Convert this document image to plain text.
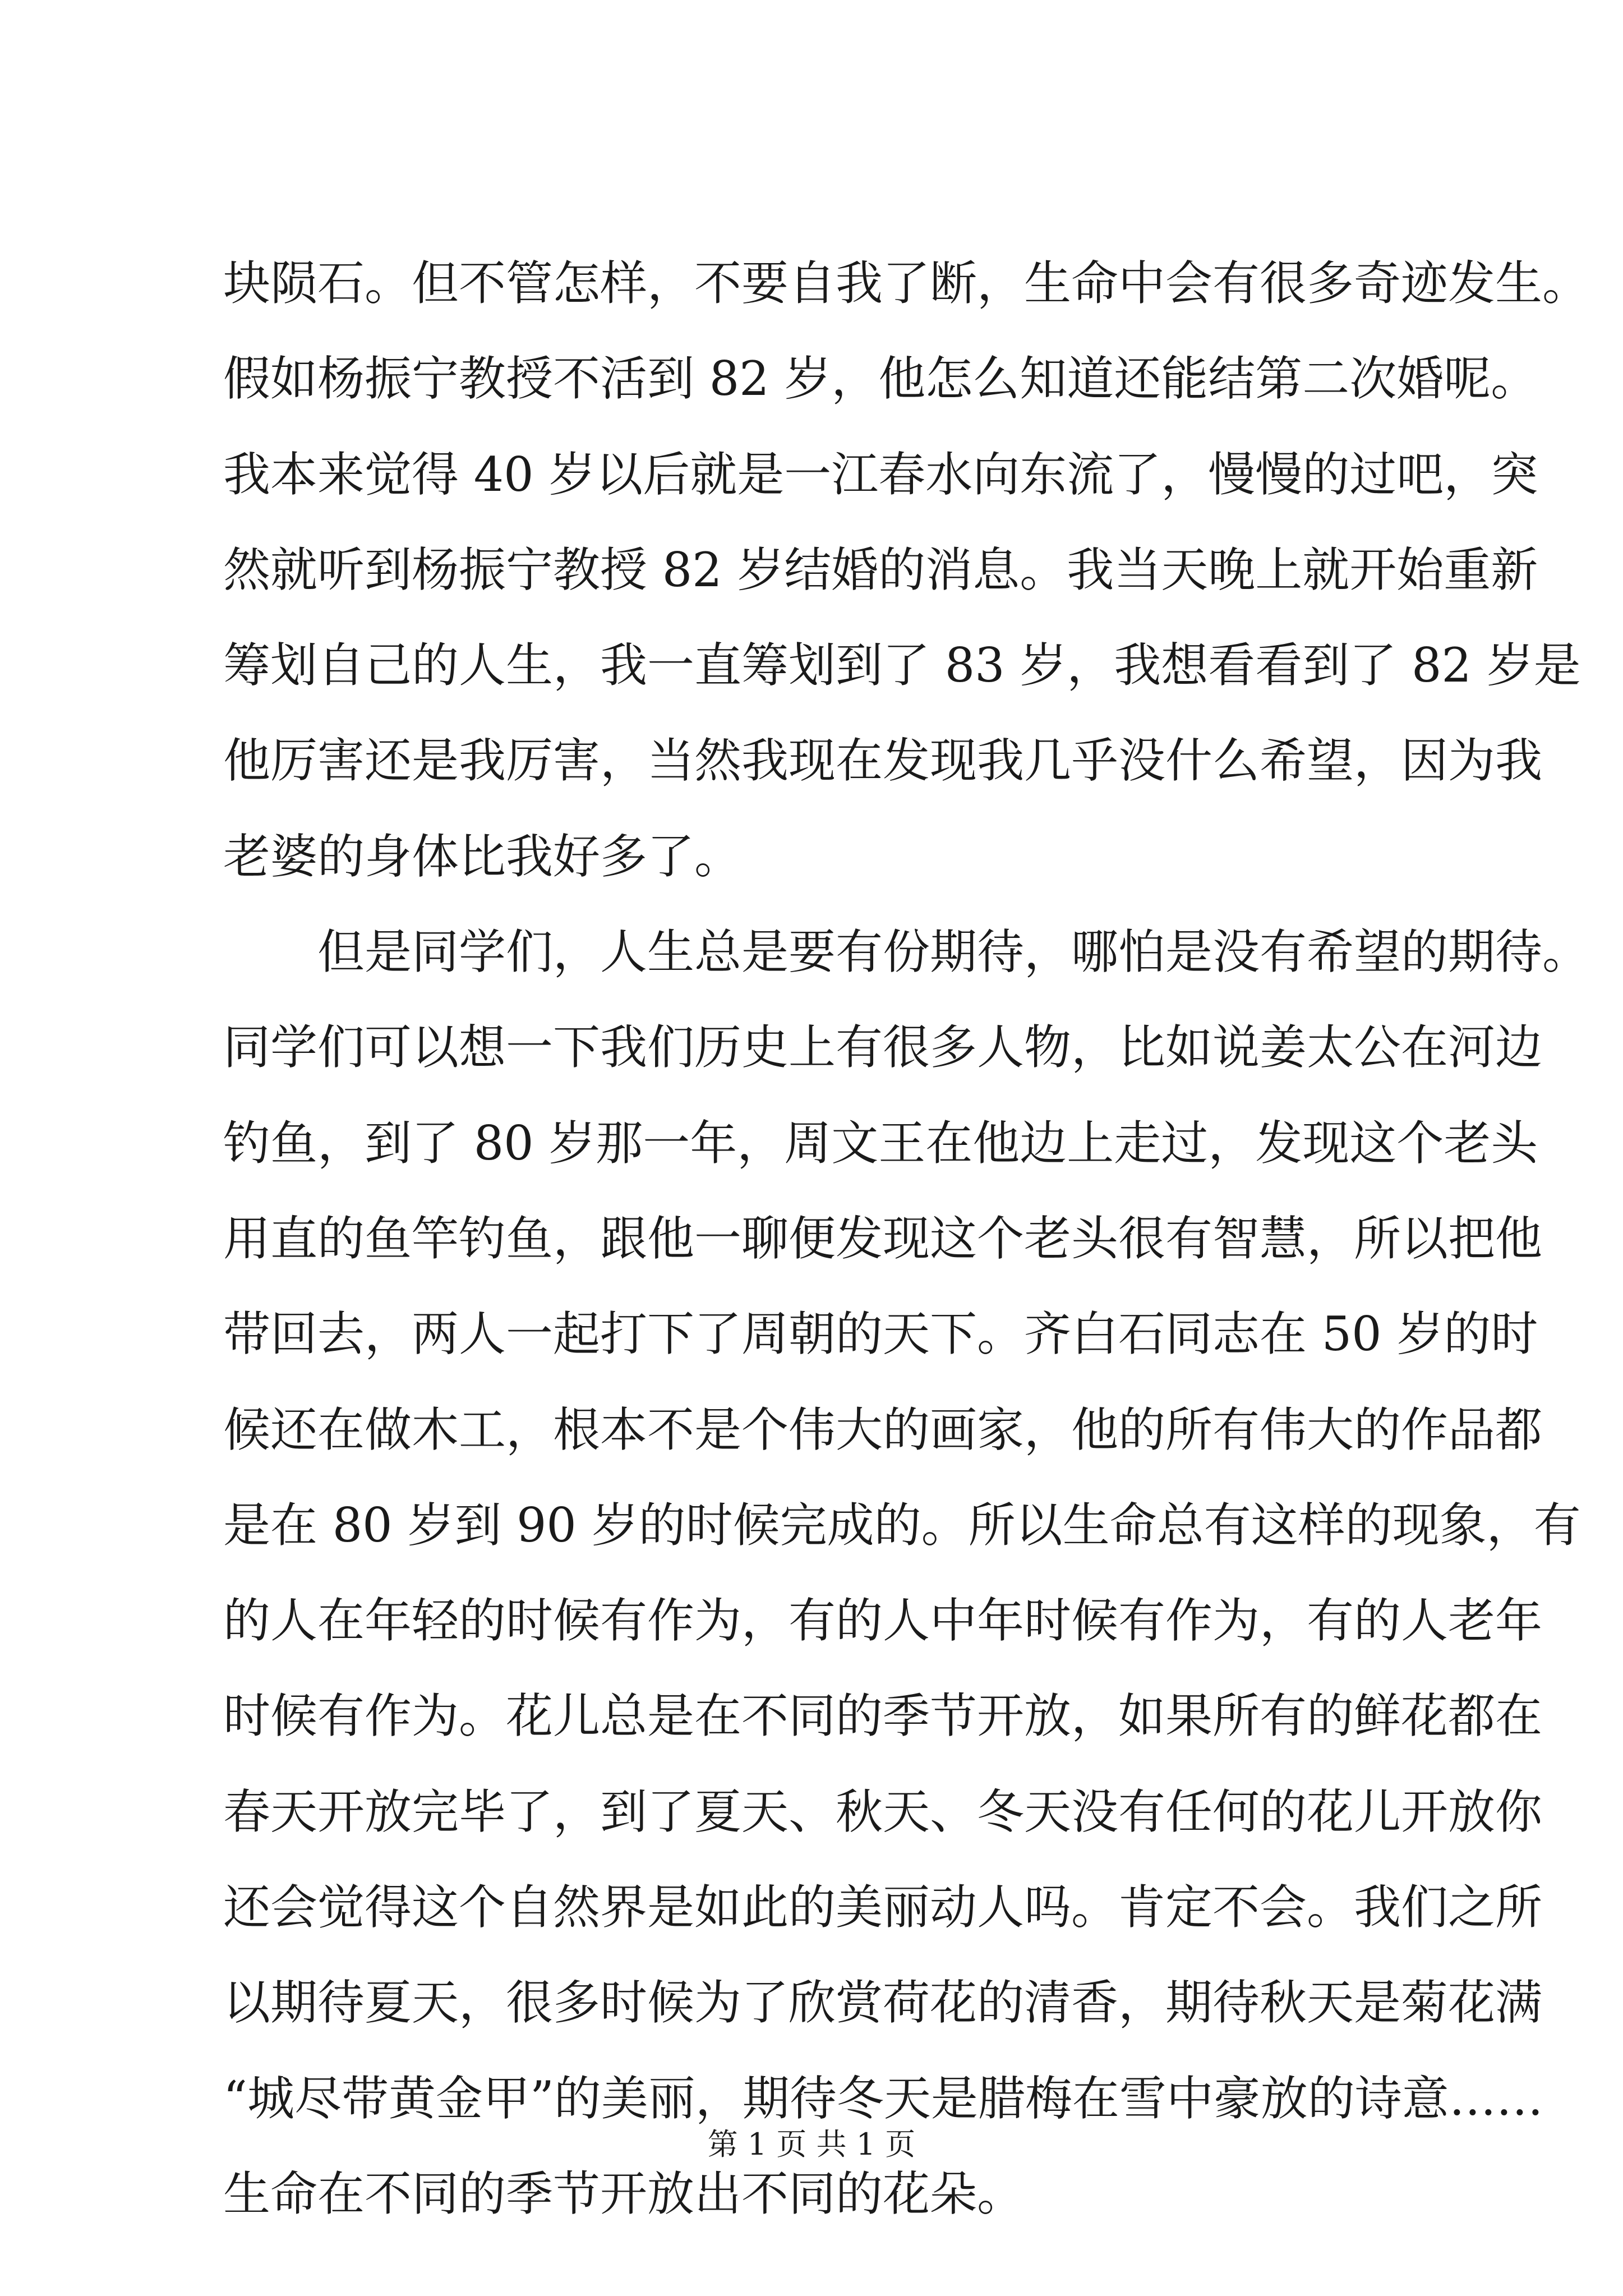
块陨石。但不管怎样，不要自我了断，生命中会有很多奇迹发生。
假如杨振宁教授不活到 82 岁，他怎么知道还能结第二次婚呢。
我本来觉得 40 岁以后就是一江春水向东流了，慢慢的过吧，突
然就听到杨振宁教授 82 岁结婚的消息。我当天晚上就开始重新
筹划自己的人生，我一直筹划到了 83 岁，我想看看到了 82 岁是
他厉害还是我厉害，当然我现在发现我几乎没什么希望，因为我
老婆的身体比我好多了。
但是同学们，人生总是要有份期待，哪怕是没有希望的期待。
同学们可以想一下我们历史上有很多人物，比如说姜太公在河边
钓鱼，到了 80 岁那一年，周文王在他边上走过，发现这个老头
用直的鱼竿钓鱼，跟他一聊便发现这个老头很有智慧，所以把他
带回去，两人一起打下了周朝的天下。齐白石同志在 50 岁的时
候还在做木工，根本不是个伟大的画家，他的所有伟大的作品都
是在 80 岁到 90 岁的时候完成的。所以生命总有这样的现象，有
的人在年轻的时候有作为，有的人中年时候有作为，有的人老年
时候有作为。花儿总是在不同的季节开放，如果所有的鲜花都在
春天开放完毕了，到了夏天、秋天、冬天没有任何的花儿开放你
还会觉得这个自然界是如此的美丽动人吗。肯定不会。我们之所
以期待夏天，很多时候为了欣赏荷花的清香，期待秋天是菊花满
“城尽带黄金甲”的美丽，期待冬天是腊梅在雪中豪放的诗意……
生命在不同的季节开放出不同的花朵。
第 1 页 共 1 页
